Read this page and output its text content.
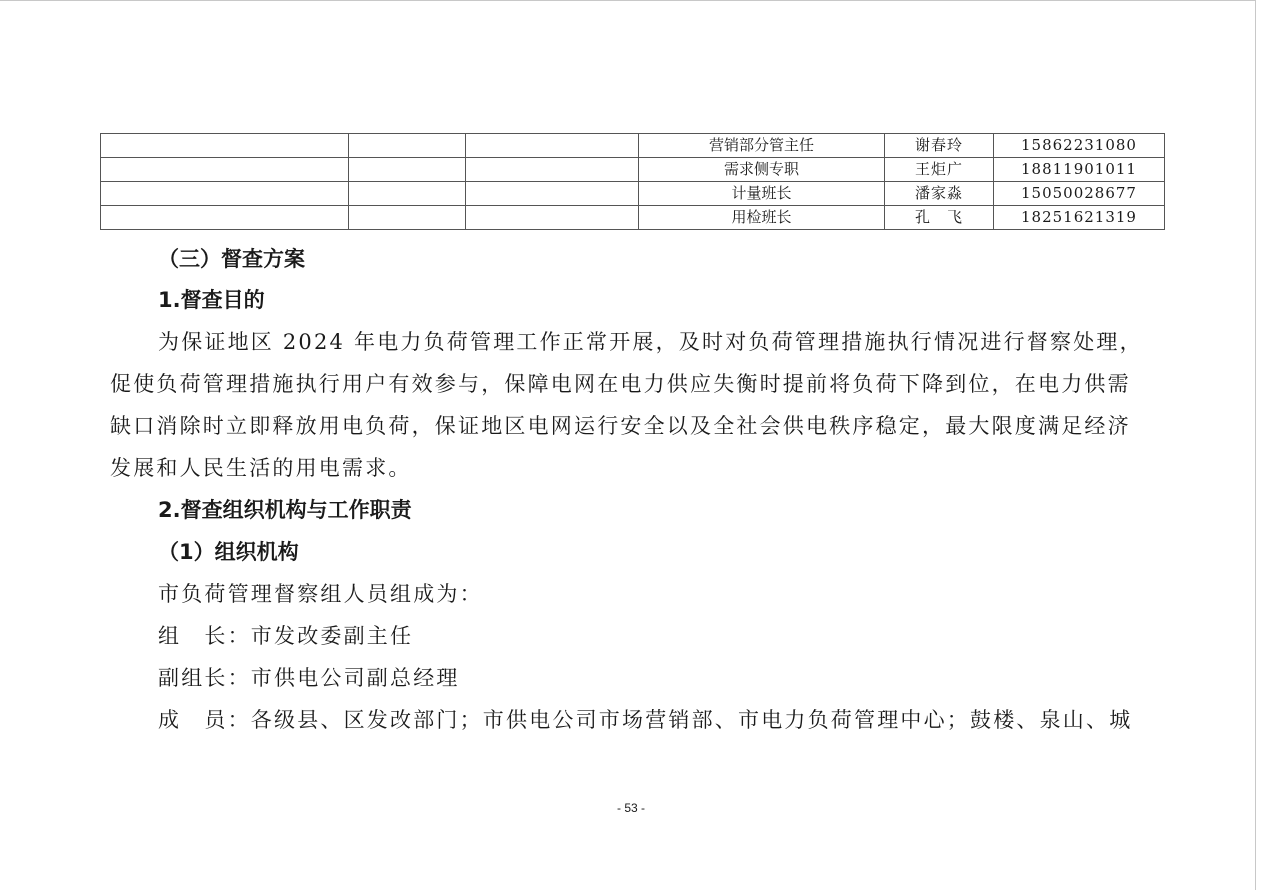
			营销部分管主任	谢春玲	15862231080
			需求侧专职	王炬广	18811901011
			计量班长	潘家淼	15050028677
			用检班长	孔　飞	18251621319
（三）督查方案
1.督查目的
为保证地区 2024 年电力负荷管理工作正常开展，及时对负荷管理措施执行情况进行督察处理，
促使负荷管理措施执行用户有效参与，保障电网在电力供应失衡时提前将负荷下降到位，在电力供需
缺口消除时立即释放用电负荷，保证地区电网运行安全以及全社会供电秩序稳定，最大限度满足经济
发展和人民生活的用电需求。
2.督查组织机构与工作职责
（1）组织机构
市负荷管理督察组人员组成为：
组　长：市发改委副主任
副组长：市供电公司副总经理
成　员：各级县、区发改部门；市供电公司市场营销部、市电力负荷管理中心；鼓楼、泉山、城
- 53 -
